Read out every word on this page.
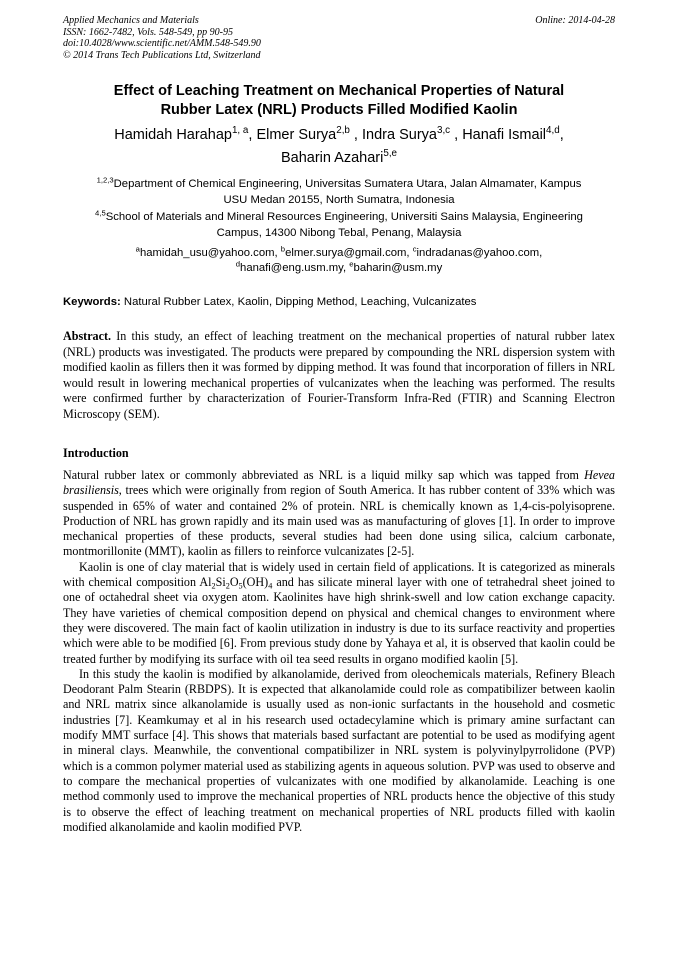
Applied Mechanics and Materials
ISSN: 1662-7482, Vols. 548-549, pp 90-95
doi:10.4028/www.scientific.net/AMM.548-549.90
© 2014 Trans Tech Publications Ltd, Switzerland
Online: 2014-04-28
Effect of Leaching Treatment on Mechanical Properties of Natural
Rubber Latex (NRL) Products Filled Modified Kaolin
Hamidah Harahap$^{1, a}$, Elmer Surya$^{2,b}$ , Indra Surya$^{3,c}$ , Hanafi Ismail$^{4,d}$,
Baharin Azahari$^{5,e}$
$^{1,2,3}$Department of Chemical Engineering, Universitas Sumatera Utara, Jalan Almamater, Kampus
USU Medan 20155, North Sumatra, Indonesia
$^{4,5}$School of Materials and Mineral Resources Engineering, Universiti Sains Malaysia, Engineering
Campus, 14300 Nibong Tebal, Penang, Malaysia
$^a$hamidah_usu@yahoo.com, $^b$elmer.surya@gmail.com, $^c$indradanas@yahoo.com,
$^d$hanafi@eng.usm.my, $^e$baharin@usm.my
Keywords: Natural Rubber Latex, Kaolin, Dipping Method, Leaching, Vulcanizates
Abstract. In this study, an effect of leaching treatment on the mechanical properties of natural rubber latex (NRL) products was investigated. The products were prepared by compounding the NRL dispersion system with modified kaolin as fillers then it was formed by dipping method. It was found that incorporation of fillers in NRL would result in lowering mechanical properties of vulcanizates when the leaching was performed. The results were confirmed further by characterization of Fourier-Transform Infra-Red (FTIR) and Scanning Electron Microscopy (SEM).
Introduction

Natural rubber latex or commonly abbreviated as NRL is a liquid milky sap which was tapped from Hevea brasiliensis, trees which were originally from region of South America. It has rubber content of 33% which was suspended in 65% of water and contained 2% of protein. NRL is chemically known as 1,4-cis-polyisoprene. Production of NRL has grown rapidly and its main used was as manufacturing of gloves [1]. In order to improve mechanical properties of these products, several studies had been done using silica, calcium carbonate, montmorillonite (MMT), kaolin as fillers to reinforce vulcanizates [2-5].

Kaolin is one of clay material that is widely used in certain field of applications. It is categorized as minerals with chemical composition $Al_2Si_2O_5(OH)_4$ and has silicate mineral layer with one of tetrahedral sheet joined to one of octahedral sheet via oxygen atom. Kaolinites have high shrink-swell and low cation exchange capacity. They have varieties of chemical composition depend on physical and chemical changes to environment where they were discovered. The main fact of kaolin utilization in industry is due to its surface reactivity and properties which were able to be modified [6]. From previous study done by Yahaya et al, it is observed that kaolin could be treated further by modifying its surface with oil tea seed results in organo modified kaolin [5].

In this study the kaolin is modified by alkanolamide, derived from oleochemicals materials, Refinery Bleach Deodorant Palm Stearin (RBDPS). It is expected that alkanolamide could role as compatibilizer between kaolin and NRL matrix since alkanolamide is usually used as non-ionic surfactants in the household and cosmetic industries [7]. Keamkumay et al in his research used octadecylamine which is primary amine surfactant can modify MMT surface [4]. This shows that materials based surfactant are potential to be used as modifying agent in mineral clays. Meanwhile, the conventional compatibilizer in NRL system is polyvinylpyrrolidone (PVP) which is a common polymer material used as stabilizing agents in aqueous solution. PVP was used to observe and to compare the mechanical properties of vulcanizates with one modified by alkanolamide. Leaching is one method commonly used to improve the mechanical properties of NRL products hence the objective of this study is to observe the effect of leaching treatment on mechanical properties of NRL products filled with kaolin modified alkanolamide and kaolin modified PVP.
